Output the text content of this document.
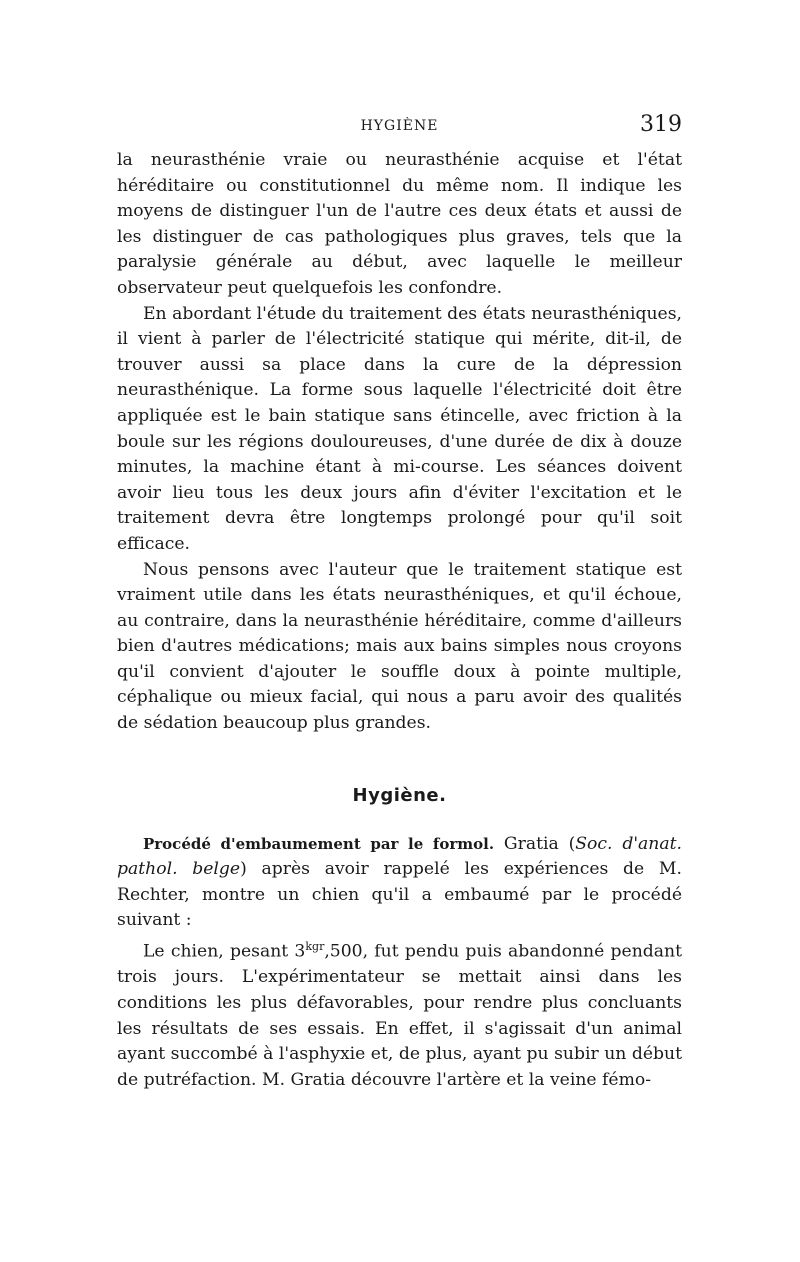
HYGIÈNE	319

la neurasthénie vraie ou neurasthénie acquise et l'état héréditaire ou constitutionnel du même nom. Il indique les moyens de distinguer l'un de l'autre ces deux états et aussi de les distinguer de cas pathologiques plus graves, tels que la paralysie générale au début, avec laquelle le meilleur observateur peut quelquefois les confondre.

En abordant l'étude du traitement des états neurasthéniques, il vient à parler de l'électricité statique qui mérite, dit-il, de trouver aussi sa place dans la cure de la dépression neurasthénique. La forme sous laquelle l'électricité doit être appliquée est le bain statique sans étincelle, avec friction à la boule sur les régions douloureuses, d'une durée de dix à douze minutes, la machine étant à mi-course. Les séances doivent avoir lieu tous les deux jours afin d'éviter l'excitation et le traitement devra être longtemps prolongé pour qu'il soit efficace.

Nous pensons avec l'auteur que le traitement statique est vraiment utile dans les états neurasthéniques, et qu'il échoue, au contraire, dans la neurasthénie héréditaire, comme d'ailleurs bien d'autres médications; mais aux bains simples nous croyons qu'il convient d'ajouter le souffle doux à pointe multiple, céphalique ou mieux facial, qui nous a paru avoir des qualités de sédation beaucoup plus grandes.

Hygiène.

Procédé d'embaumement par le formol. Gratia (Soc. d'anat. pathol. belge) après avoir rappelé les expériences de M. Rechter, montre un chien qu'il a embaumé par le procédé suivant :

Le chien, pesant $3^{kgr},500$, fut pendu puis abandonné pendant trois jours. L'expérimentateur se mettait ainsi dans les conditions les plus défavorables, pour rendre plus concluants les résultats de ses essais. En effet, il s'agissait d'un animal ayant succombé à l'asphyxie et, de plus, ayant pu subir un début de putréfaction. M. Gratia découvre l'artère et la veine fémo-
